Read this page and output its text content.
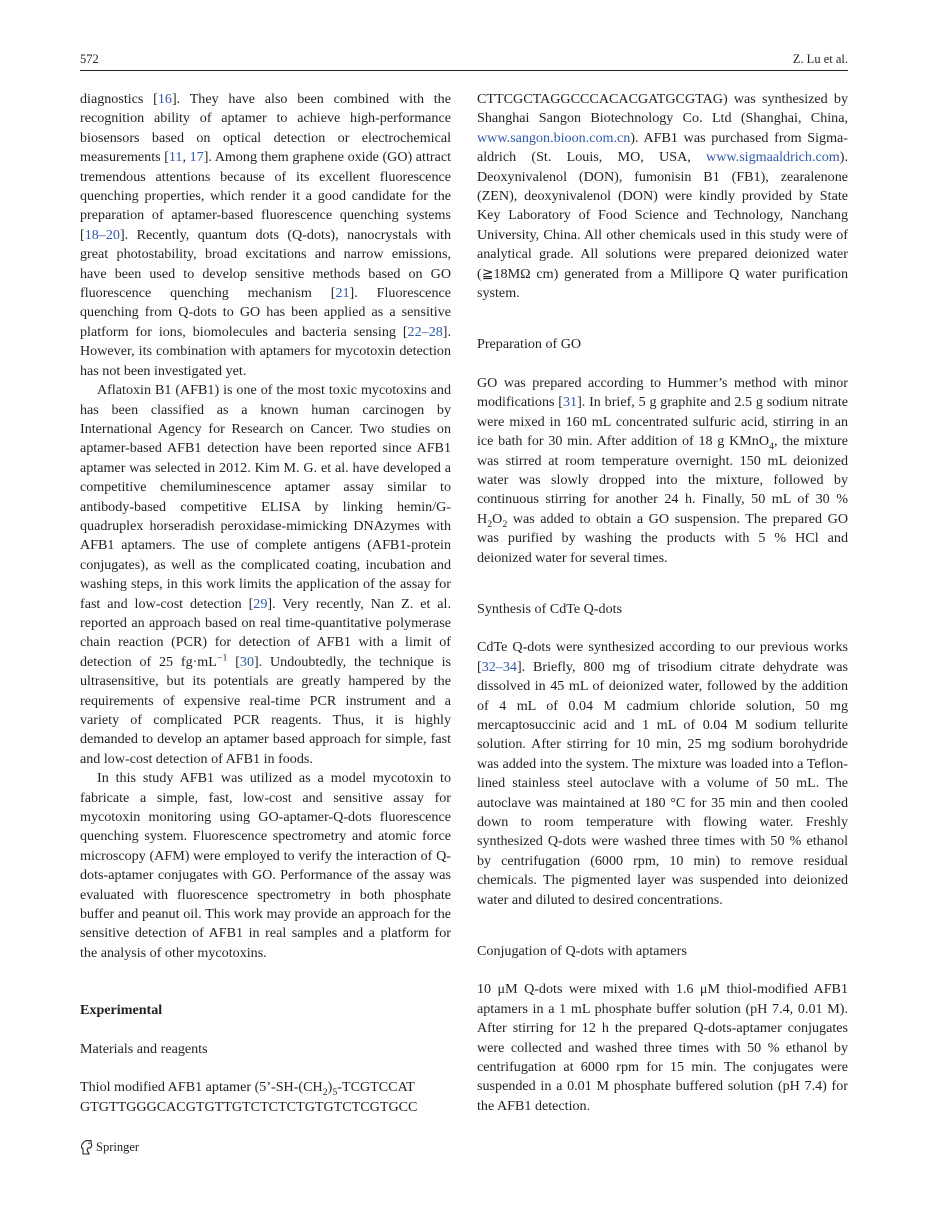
572	Z. Lu et al.

diagnostics [16]. They have also been combined with the recognition ability of aptamer to achieve high-performance biosensors based on optical detection or electrochemical measurements [11, 17]. Among them graphene oxide (GO) attract tremendous attentions because of its excellent fluorescence quenching properties, which render it a good candidate for the preparation of aptamer-based fluorescence quenching systems [18–20]. Recently, quantum dots (Q-dots), nanocrystals with great photostability, broad excitations and narrow emissions, have been used to develop sensitive methods based on GO fluorescence quenching mechanism [21]. Fluorescence quenching from Q-dots to GO has been applied as a sensitive platform for ions, biomolecules and bacteria sensing [22–28]. However, its combination with aptamers for mycotoxin detection has not been investigated yet.

Aflatoxin B1 (AFB1) is one of the most toxic mycotoxins and has been classified as a known human carcinogen by International Agency for Research on Cancer. Two studies on aptamer-based AFB1 detection have been reported since AFB1 aptamer was selected in 2012. Kim M. G. et al. have developed a competitive chemiluminescence aptamer assay similar to antibody-based competitive ELISA by linking hemin/G-quadruplex horseradish peroxidase-mimicking DNAzymes with AFB1 aptamers. The use of complete antigens (AFB1-protein conjugates), as well as the complicated coating, incubation and washing steps, in this work limits the application of the assay for fast and low-cost detection [29]. Very recently, Nan Z. et al. reported an approach based on real time-quantitative polymerase chain reaction (PCR) for detection of AFB1 with a limit of detection of 25 $fg\cdot mL^{-1}$ [30]. Undoubtedly, the technique is ultrasensitive, but its potentials are greatly hampered by the requirements of expensive real-time PCR instrument and a variety of complicated PCR reagents. Thus, it is highly demanded to develop an aptamer based approach for simple, fast and low-cost detection of AFB1 in foods.

In this study AFB1 was utilized as a model mycotoxin to fabricate a simple, fast, low-cost and sensitive assay for mycotoxin monitoring using GO-aptamer-Q-dots fluorescence quenching system. Fluorescence spectrometry and atomic force microscopy (AFM) were employed to verify the interaction of Q-dots-aptamer conjugates with GO. Performance of the assay was evaluated with fluorescence spectrometry in both phosphate buffer and peanut oil. This work may provide an approach for the sensitive detection of AFB1 in real samples and a platform for the analysis of other mycotoxins.

Experimental

Materials and reagents

Thiol modified AFB1 aptamer ($5’-SH-(CH_2)_5$-TCGTCCAT GTGTTGGGCACGTGTTGTCTCTCTGTGTCTCGTGCC

CTTCGCTAGGCCCACACGATGCGTAG) was synthesized by Shanghai Sangon Biotechnology Co. Ltd (Shanghai, China, www.sangon.bioon.com.cn). AFB1 was purchased from Sigma-aldrich (St. Louis, MO, USA, www.sigmaaldrich.com). Deoxynivalenol (DON), fumonisin B1 (FB1), zearalenone (ZEN), deoxynivalenol (DON) were kindly provided by State Key Laboratory of Food Science and Technology, Nanchang University, China. All other chemicals used in this study were of analytical grade. All solutions were prepared deionized water (≧18MΩ cm) generated from a Millipore Q water purification system.

Preparation of GO

GO was prepared according to Hummer’s method with minor modifications [31]. In brief, 5 g graphite and 2.5 g sodium nitrate were mixed in 160 mL concentrated sulfuric acid, stirring in an ice bath for 30 min. After addition of 18 g KMnO$_4$, the mixture was stirred at room temperature overnight. 150 mL deionized water was slowly dropped into the mixture, followed by continuous stirring for another 24 h. Finally, 50 mL of 30 % $H_2O_2$ was added to obtain a GO suspension. The prepared GO was purified by washing the products with 5 % HCl and deionized water for several times.

Synthesis of CdTe Q-dots

CdTe Q-dots were synthesized according to our previous works [32–34]. Briefly, 800 mg of trisodium citrate dehydrate was dissolved in 45 mL of deionized water, followed by the addition of 4 mL of 0.04 M cadmium chloride solution, 50 mg mercaptosuccinic acid and 1 mL of 0.04 M sodium tellurite solution. After stirring for 10 min, 25 mg sodium borohydride was added into the system. The mixture was loaded into a Teflon-lined stainless steel autoclave with a volume of 50 mL. The autoclave was maintained at 180 °C for 35 min and then cooled down to room temperature with flowing water. Freshly synthesized Q-dots were washed three times with 50 % ethanol by centrifugation (6000 rpm, 10 min) to remove residual chemicals. The pigmented layer was suspended into deionized water and diluted to desired concentrations.

Conjugation of Q-dots with aptamers

10 μM Q-dots were mixed with 1.6 μM thiol-modified AFB1 aptamers in a 1 mL phosphate buffer solution (pH 7.4, 0.01 M). After stirring for 12 h the prepared Q-dots-aptamer conjugates were collected and washed three times with 50 % ethanol by centrifugation at 6000 rpm for 15 min. The conjugates were suspended in a 0.01 M phosphate buffered solution (pH 7.4) for the AFB1 detection.

Springer
